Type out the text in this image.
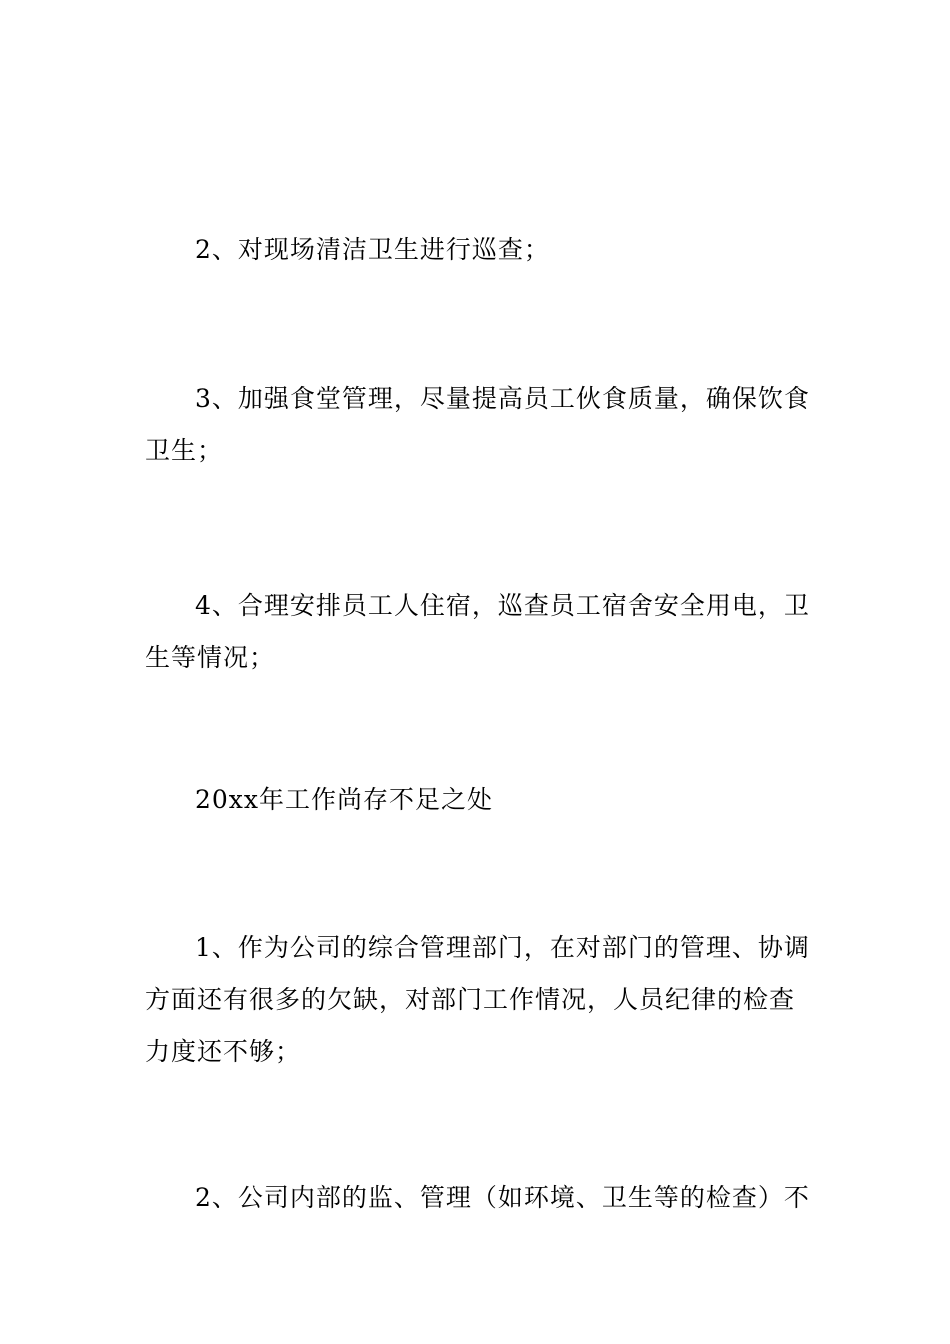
2、对现场清洁卫生进行巡查；

3、加强食堂管理，尽量提高员工伙食质量，确保饮食卫生；

4、合理安排员工人住宿，巡查员工宿舍安全用电，卫生等情况；

20xx年工作尚存不足之处

1、作为公司的综合管理部门，在对部门的管理、协调方面还有很多的欠缺，对部门工作情况，人员纪律的检查力度还不够；

2、公司内部的监、管理（如环境、卫生等的检查）不
